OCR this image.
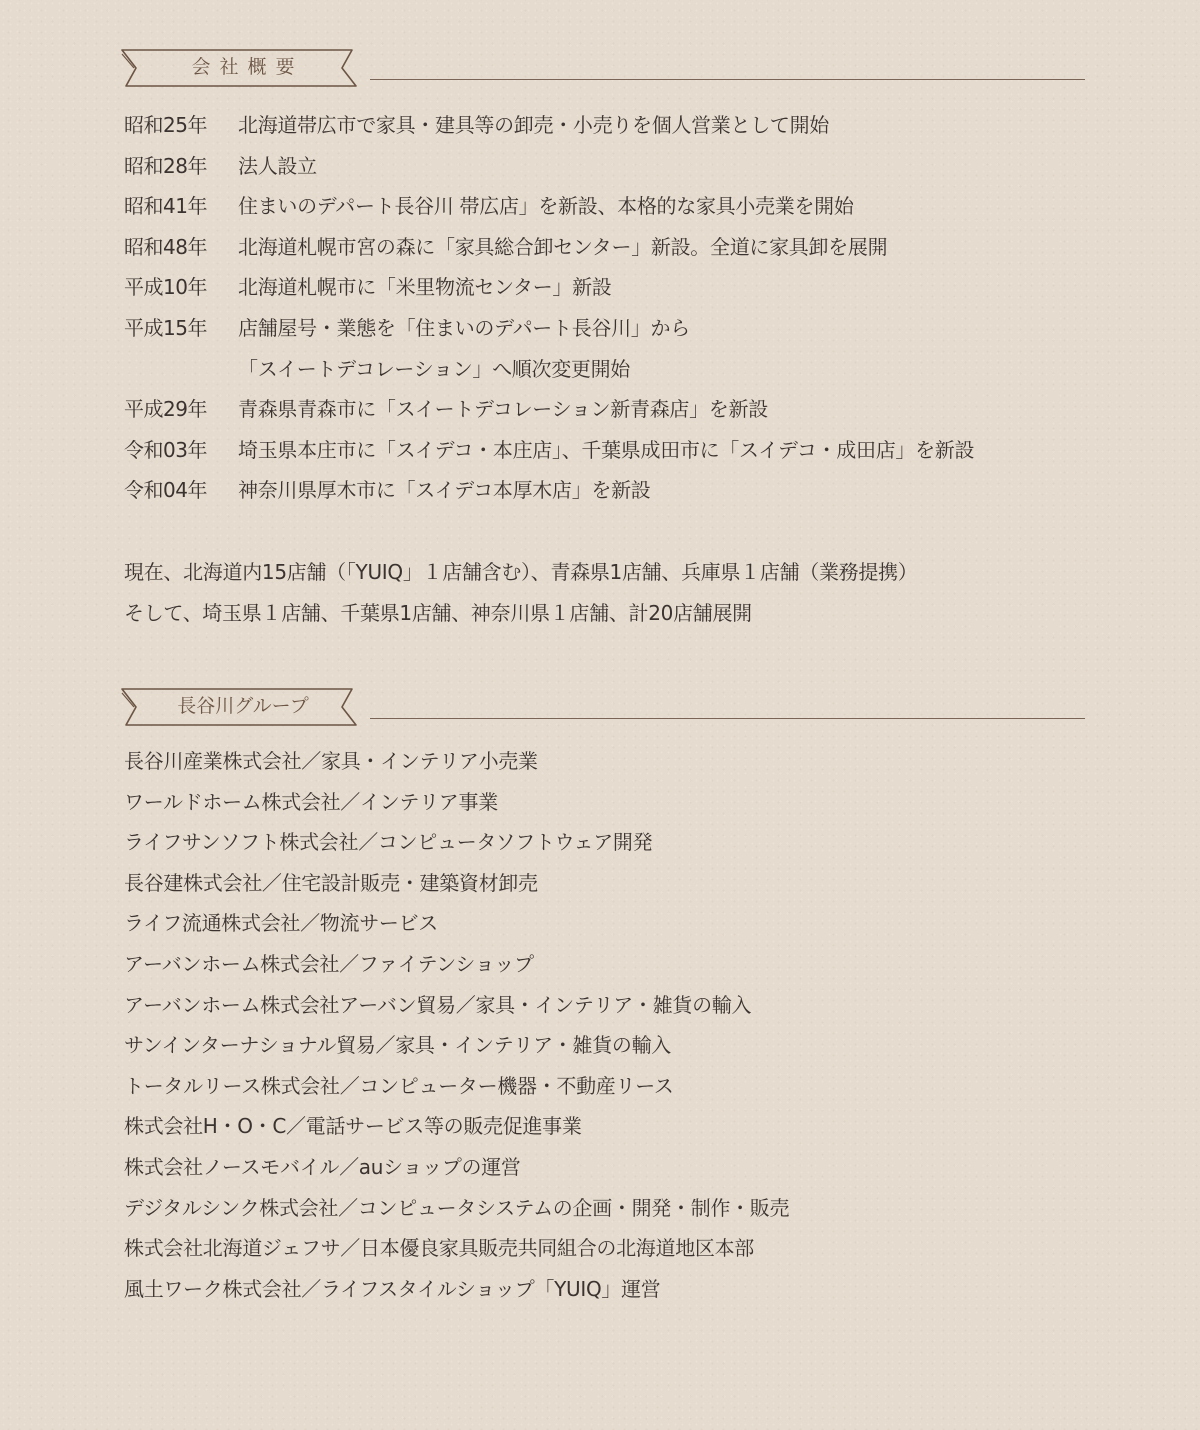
会社概要
昭和25年	北海道帯広市で家具・建具等の卸売・小売りを個人営業として開始
昭和28年	法人設立
昭和41年	住まいのデパート長谷川 帯広店」を新設、本格的な家具小売業を開始
昭和48年	北海道札幌市宮の森に「家具総合卸センター」新設。全道に家具卸を展開
平成10年	北海道札幌市に「米里物流センター」新設
平成15年	店舗屋号・業態を「住まいのデパート長谷川」から
「スイートデコレーション」へ順次変更開始
平成29年	青森県青森市に「スイートデコレーション新青森店」を新設
令和03年	埼玉県本庄市に「スイデコ・本庄店」、千葉県成田市に「スイデコ・成田店」を新設
令和04年	神奈川県厚木市に「スイデコ本厚木店」を新設
現在、北海道内15店舗（「YUIQ」１店舗含む）、青森県1店舗、兵庫県１店舗（業務提携）
そして、埼玉県１店舗、千葉県1店舗、神奈川県１店舗、計20店舗展開
長谷川グループ
長谷川産業株式会社／家具・インテリア小売業
ワールドホーム株式会社／インテリア事業
ライフサンソフト株式会社／コンピュータソフトウェア開発
長谷建株式会社／住宅設計販売・建築資材卸売
ライフ流通株式会社／物流サービス
アーバンホーム株式会社／ファイテンショップ
アーバンホーム株式会社アーバン貿易／家具・インテリア・雑貨の輸入
サンインターナショナル貿易／家具・インテリア・雑貨の輸入
トータルリース株式会社／コンピューター機器・不動産リース
株式会社H・O・C／電話サービス等の販売促進事業
株式会社ノースモバイル／auショップの運営
デジタルシンク株式会社／コンピュータシステムの企画・開発・制作・販売
株式会社北海道ジェフサ／日本優良家具販売共同組合の北海道地区本部
風土ワーク株式会社／ライフスタイルショップ「YUIQ」運営
